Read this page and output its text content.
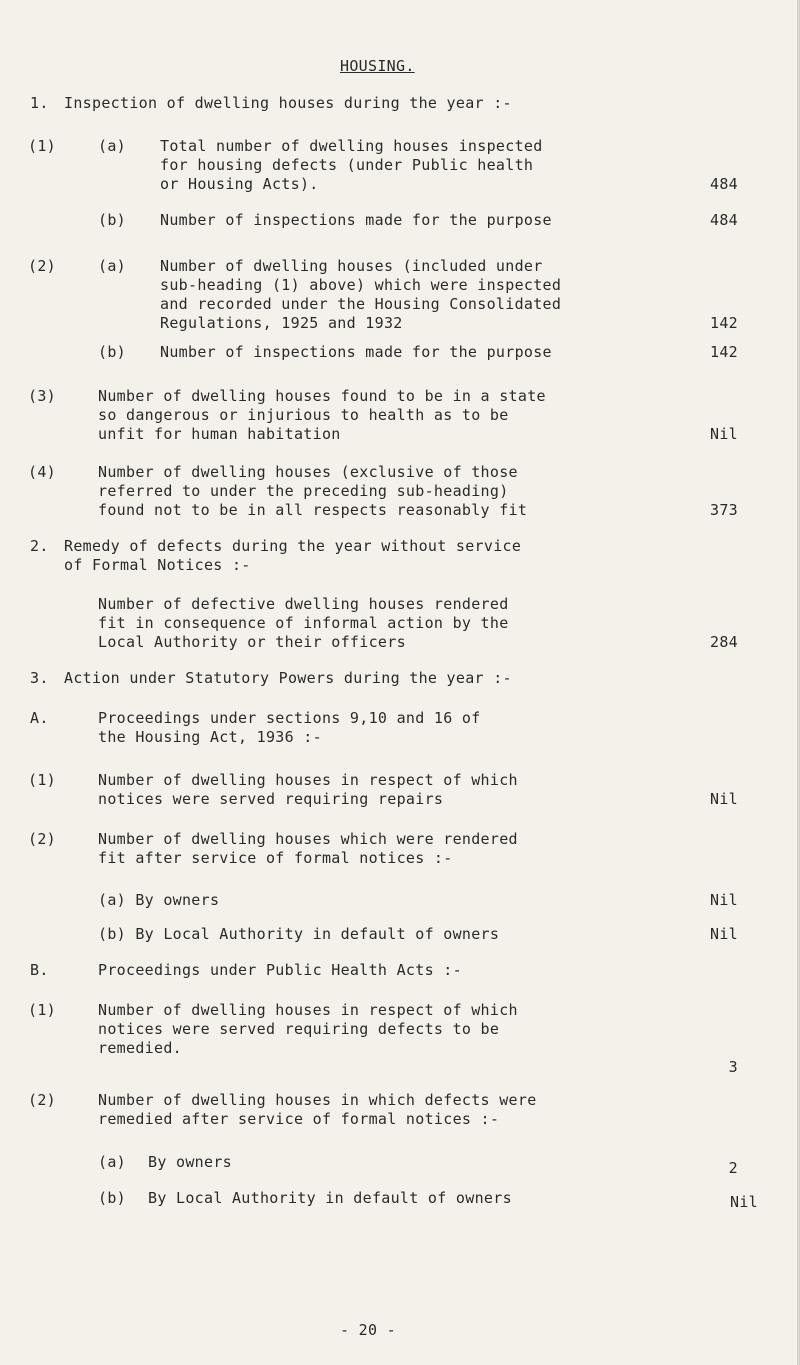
HOUSING.
1. Inspection of dwelling houses during the year :-
(1)	(a) Total number of dwelling houses inspected
for housing defects (under Public health
or Housing Acts).	484
(b) Number of inspections made for the purpose	484
(2)	(a) Number of dwelling houses (included under
sub-heading (1) above) which were inspected
and recorded under the Housing Consolidated
Regulations, 1925 and 1932	142
(b) Number of inspections made for the purpose	142
(3)	Number of dwelling houses found to be in a state
so dangerous or injurious to health as to be
unfit for human habitation	Nil
(4)	Number of dwelling houses (exclusive of those
referred to under the preceding sub-heading)
found not to be in all respects reasonably fit	373
2. Remedy of defects during the year without service
of Formal Notices :-
Number of defective dwelling houses rendered
fit in consequence of informal action by the
Local Authority or their officers	284
3. Action under Statutory Powers during the year :-
A.	Proceedings under sections 9,10 and 16 of
the Housing Act, 1936 :-
(1)	Number of dwelling houses in respect of which
notices were served requiring repairs	Nil
(2)	Number of dwelling houses which were rendered
fit after service of formal notices :-
(a) By owners	Nil
(b) By Local Authority in default of owners	Nil
B.	Proceedings under Public Health Acts :-
(1)	Number of dwelling houses in respect of which
notices were served requiring defects to be
remedied.
3
(2)	Number of dwelling houses in which defects were
remedied after service of formal notices :-
(a) By owners	2
(b) By Local Authority in default of owners	Nil
- 20 -
